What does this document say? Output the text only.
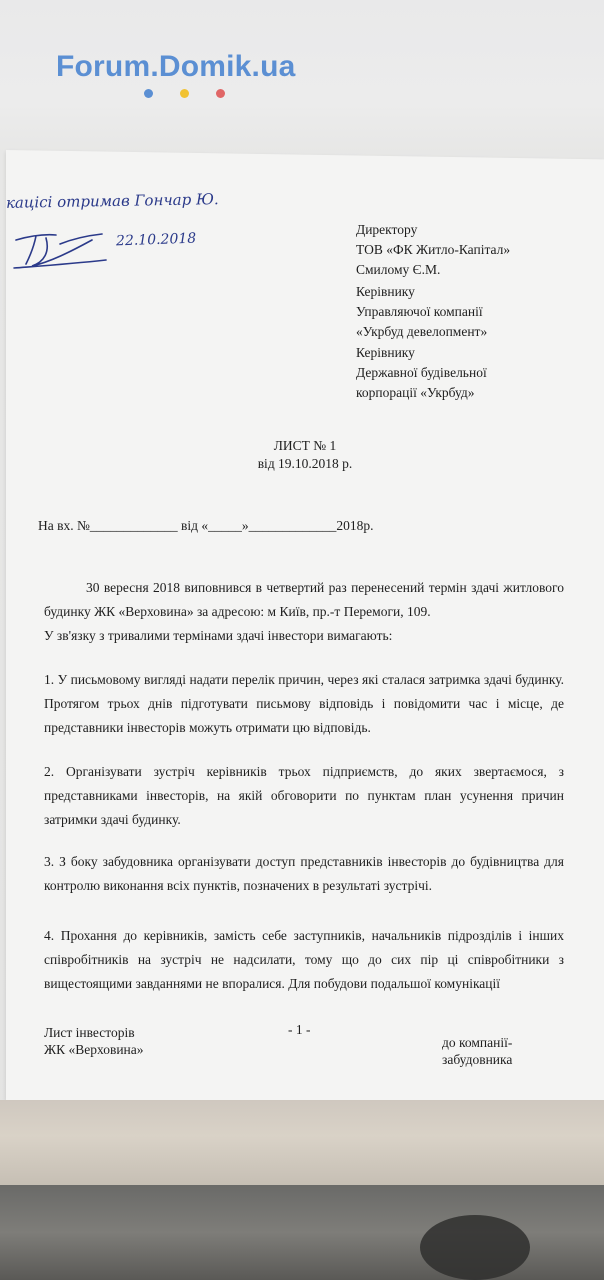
Forum.Domik.ua
кацісі отримав Гончар Ю.
22.10.2018
Директору
ТОВ «ФК Житло-Капітал»
Смилому Є.М.
Керівнику
Управляючої компанії
«Укрбуд девелопмент»
Керівнику
Державної будівельної
корпорації «Укрбуд»
ЛИСТ № 1
від 19.10.2018 р.
На вх. №_____________ від «_____»_____________2018р.
30 вересня 2018 виповнився в четвертий раз перенесений термін здачі житлового будинку ЖК «Верховина» за адресою: м Київ, пр.-т Перемоги, 109.
У зв'язку з тривалими термінами здачі інвестори вимагають:
1. У письмовому вигляді надати перелік причин, через які сталася затримка здачі будинку. Протягом трьох днів підготувати письмову відповідь і повідомити час і місце, де представники інвесторів можуть отримати цю відповідь.
2. Організувати зустріч керівників трьох підприємств, до яких звертаємося, з представниками інвесторів, на якій обговорити по пунктам план усунення причин затримки здачі будинку.
3. З боку забудовника організувати доступ представників інвесторів до будівництва для контролю виконання всіх пунктів, позначених в результаті зустрічі.
4. Прохання до керівників, замість себе заступників, начальників підрозділів і інших співробітників на зустріч не надсилати, тому що до сих пір ці співробітники з вищестоящими завданнями не впоралися. Для побудови подальшої комунікації
Лист інвесторів
ЖК «Верховина»
- 1 -
до компанії-
забудовника
